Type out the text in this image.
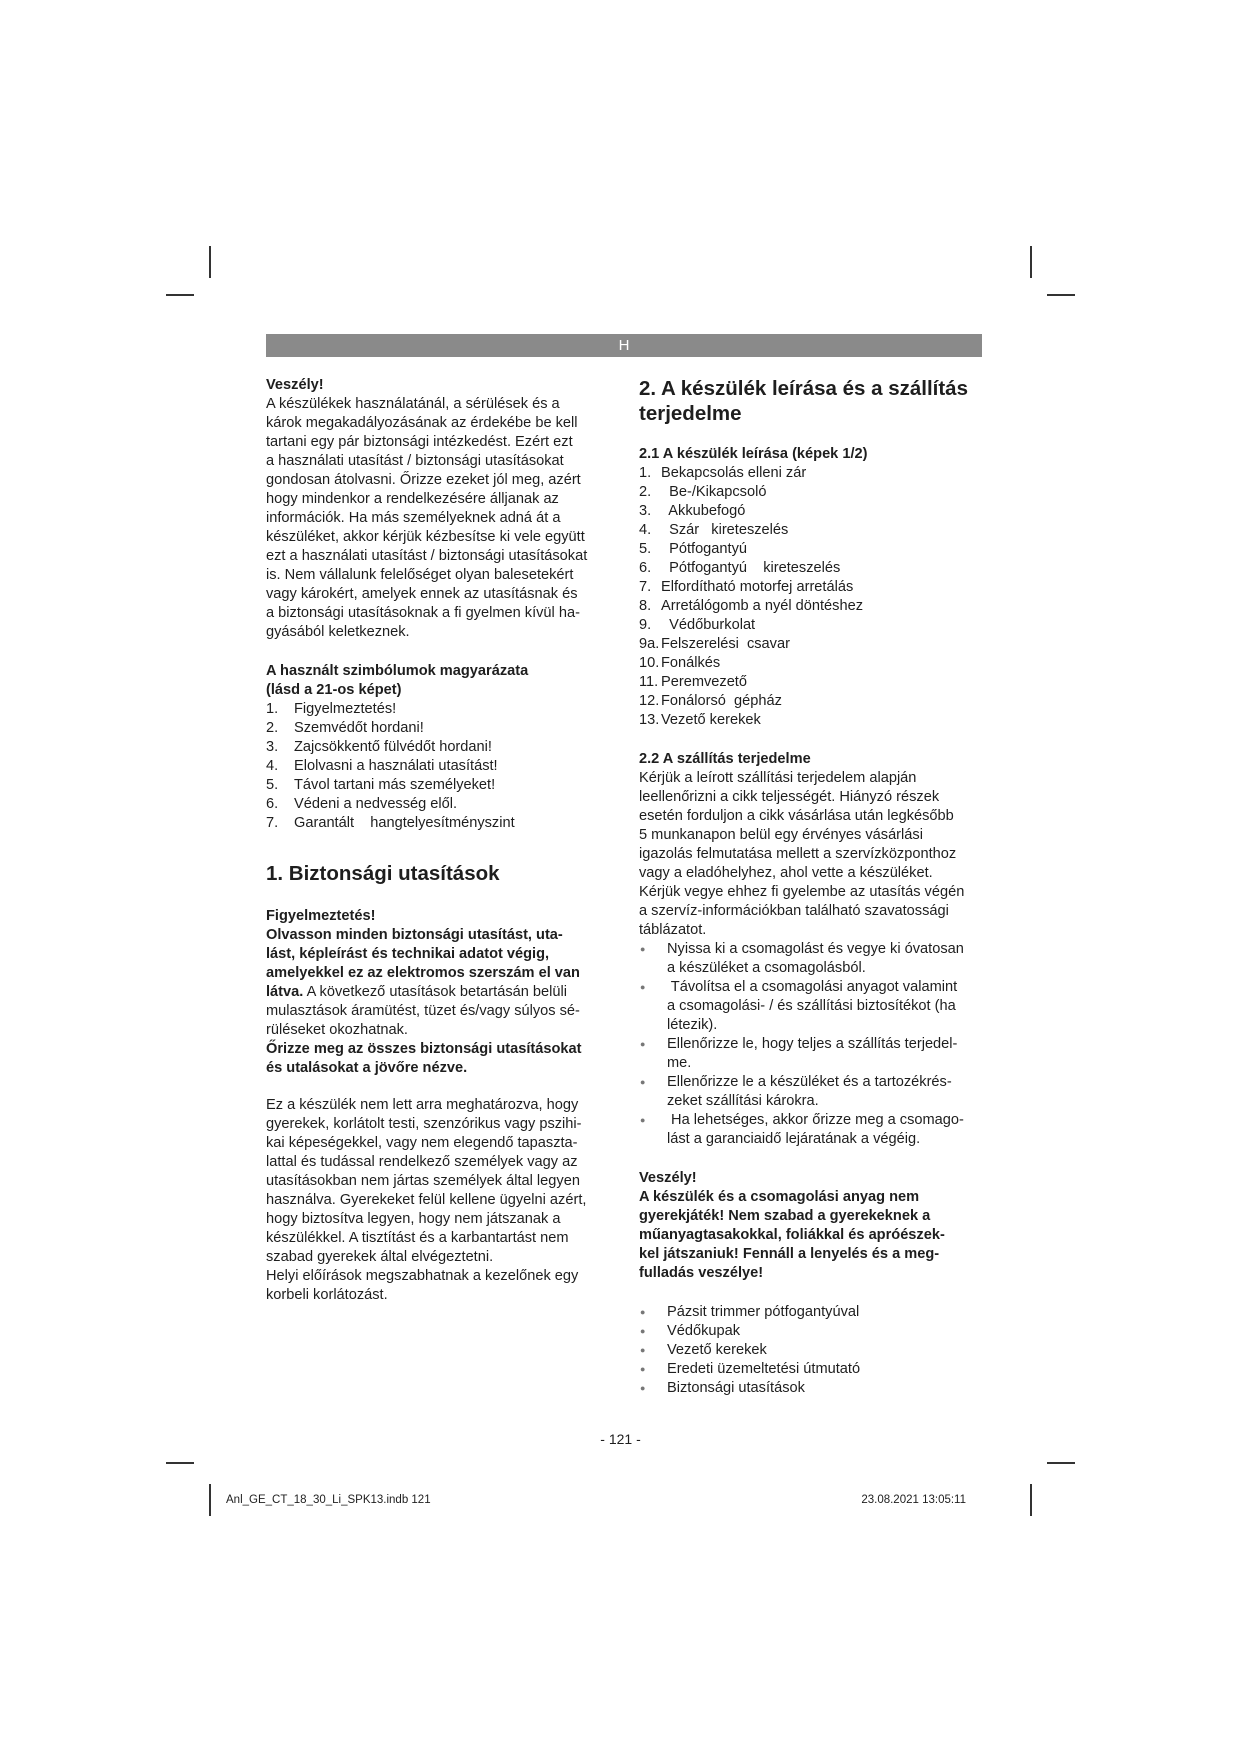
H

Veszély!

A készülékek használatánál, a sérülések és a

károk megakadályozásának az érdekébe be kell

tartani egy pár biztonsági intézkedést. Ezért ezt

a használati utasítást / biztonsági utasításokat

gondosan átolvasni. Őrizze ezeket jól meg, azért

hogy mindenkor a rendelkezésére álljanak az

információk. Ha más személyeknek adná át a

készüléket, akkor kérjük kézbesítse ki vele együtt

ezt a használati utasítást / biztonsági utasításokat

is. Nem vállalunk felelőséget olyan balesetekért

vagy károkért, amelyek ennek az utasításnak és

a biztonsági utasításoknak a fi gyelmen kívül ha-

gyásából keletkeznek.

A használt szimbólumok magyarázata

(lásd a 21-os képet)

1. Figyelmeztetés!
2. Szemvédőt hordani!
3. Zajcsökkentő fülvédőt hordani!
4. Elolvasni a használati utasítást!
5. Távol tartani más személyeket!
6. Védeni a nedvesség elől.
7. Garantált    hangtelyesítményszint

1. Biztonsági utasítások

Figyelmeztetés!

Olvasson minden biztonsági utasítást, uta-

lást, képleírást és technikai adatot végig,

amelyekkel ez az elektromos szerszám el van

látva. A következő utasítások betartásán belüli

mulasztások áramütést, tüzet és/vagy súlyos sé-

rüléseket okozhatnak.

Őrizze meg az összes biztonsági utasításokat

és utalásokat a jövőre nézve.

Ez a készülék nem lett arra meghatározva, hogy

gyerekek, korlátolt testi, szenzórikus vagy pszihi-

kai képeségekkel, vagy nem elegendő tapaszta-

lattal és tudással rendelkező személyek vagy az

utasításokban nem jártas személyek által legyen

használva. Gyerekeket felül kellene ügyelni azért,

hogy biztosítva legyen, hogy nem játszanak a

készülékkel. A tisztítást és a karbantartást nem

szabad gyerekek által elvégeztetni.

Helyi előírások megszabhatnak a kezelőnek egy

korbeli korlátozást.

2. A készülék leírása és a szállítás

terjedelme

2.1 A készülék leírása (képek 1/2)

1. Bekapcsolás elleni zár
2.  Be-/Kikapcsoló
3.  Akkubefogó
4.  Szár   kireteszelés
5.  Pótfogantyú
6.  Pótfogantyú    kireteszelés
7. Elfordítható motorfej arretálás
8. Arretálógomb a nyél döntéshez
9.  Védőburkolat
9a. Felszerelési  csavar
10. Fonálkés
11. Peremvezető
12. Fonálorsó  gépház
13. Vezető kerekek

2.2 A szállítás terjedelme

Kérjük a leírott szállítási terjedelem alapján

leellenőrizni a cikk teljességét. Hiányzó részek

esetén forduljon a cikk vásárlása után legkésőbb

5 munkanapon belül egy érvényes vásárlási

igazolás felmutatása mellett a szervízközponthoz

vagy a eladóhelyhez, ahol vette a készüléket.

Kérjük vegye ehhez fi gyelembe az utasítás végén

a szervíz-információkban található szavatossági

táblázatot.

● Nyissa ki a csomagolást és vegye ki óvatosan
a készüléket a csomagolásból.
●  Távolítsa el a csomagolási anyagot valamint
a csomagolási- / és szállítási biztosítékot (ha
létezik).
● Ellenőrizze le, hogy teljes a szállítás terjedel-
me.
● Ellenőrizze le a készüléket és a tartozékrés-
zeket szállítási károkra.
●  Ha lehetséges, akkor őrizze meg a csomago-
lást a garanciaidő lejáratának a végéig.

Veszély!

A készülék és a csomagolási anyag nem

gyerekjáték! Nem szabad a gyerekeknek a

műanyagtasakokkal, foliákkal és apróészek-

kel játszaniuk! Fennáll a lenyelés és a meg-

fulladás veszélye!

● Pázsit trimmer pótfogantyúval
● Védőkupak
● Vezető kerekek
● Eredeti üzemeltetési útmutató
● Biztonsági utasítások
- 121 -
Anl_GE_CT_18_30_Li_SPK13.indb 121	23.08.2021 13:05:11
